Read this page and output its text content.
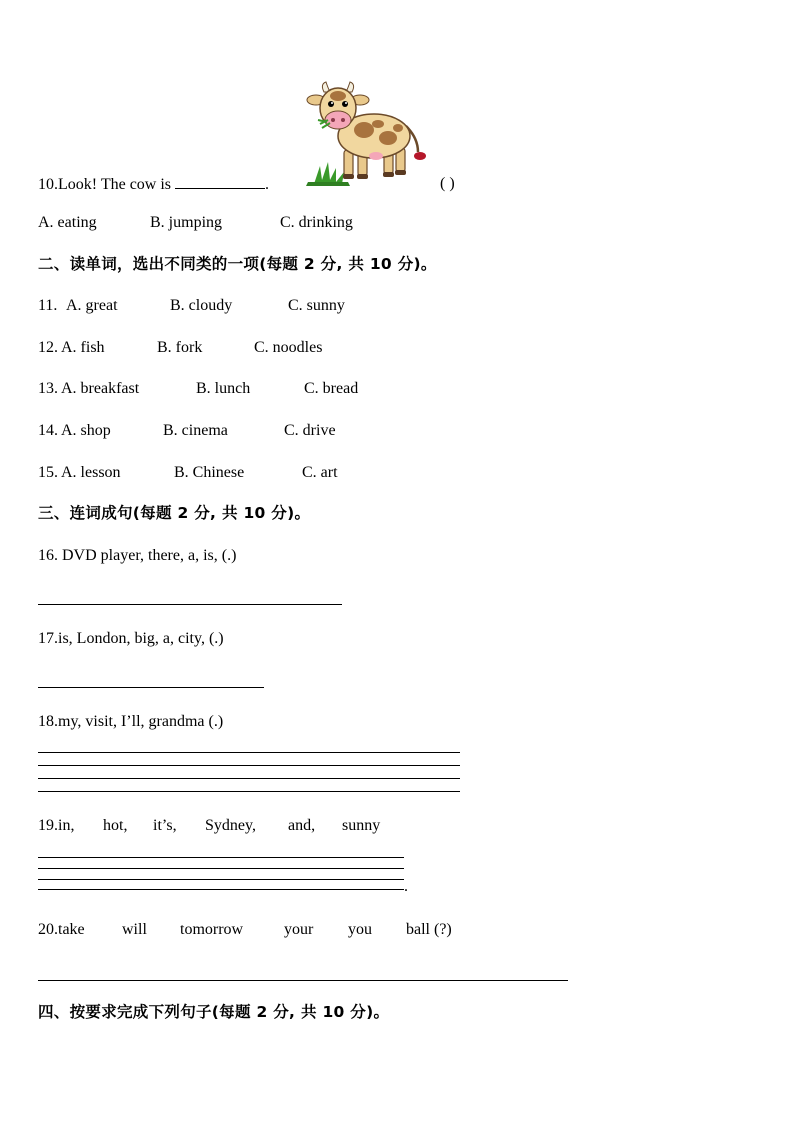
10.Look! The cow is	.	( )
A. eating	B. jumping	C. drinking
二、读单词，选出不同类的一项(每题 2 分, 共 10 分)。
11. A. great	B. cloudy	C. sunny
12. A. fish	B. fork	C. noodles
13. A. breakfast	B. lunch	C. bread
14. A. shop	B. cinema	C. drive
15. A. lesson	B. Chinese	C. art
三、连词成句(每题 2 分, 共 10 分)。
16. DVD player, there, a, is, (.)
17.is, London, big, a, city, (.)
18.my, visit, I’ll, grandma (.)
19.in, hot, it’s, Sydney, and, sunny
.
20.take will tomorrow	your you ball (?)
四、按要求完成下列句子(每题 2 分, 共 10 分)。
